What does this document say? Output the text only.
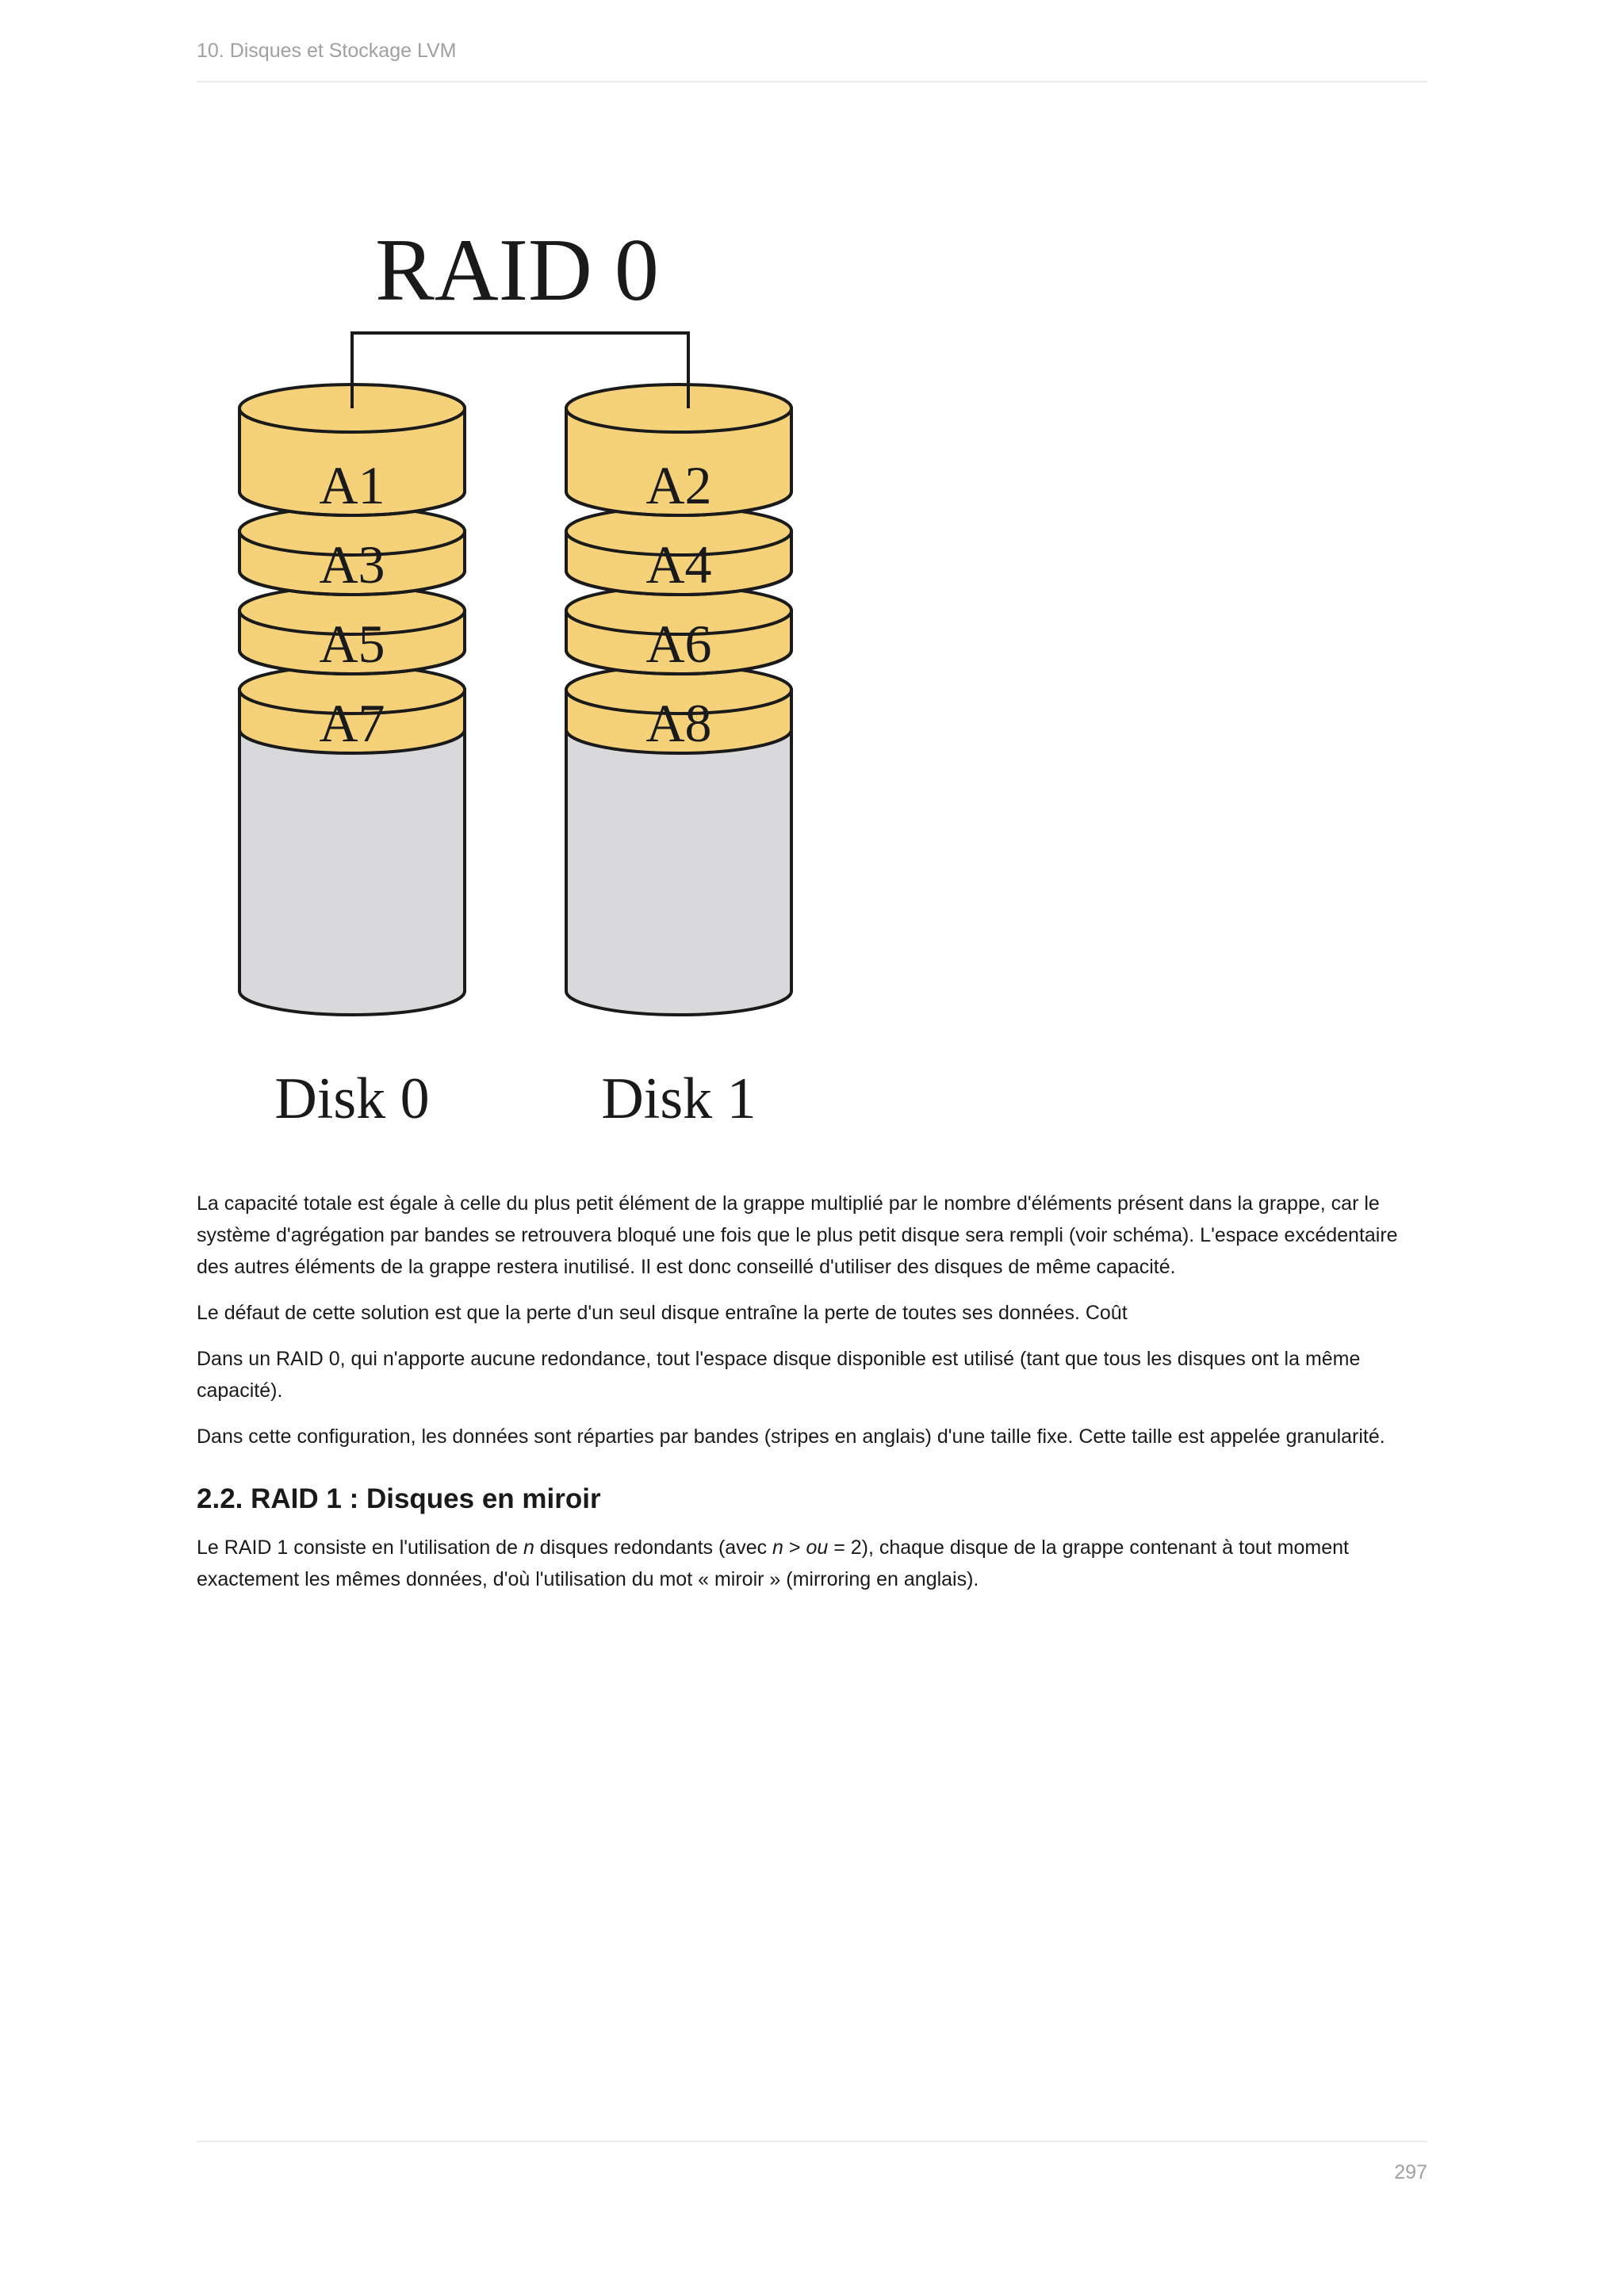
10. Disques et Stockage LVM
RAID 0
A1
A3
A5
A7
Disk 0
A2
A4
A6
A8
Disk 1

La capacité totale est égale à celle du plus petit élément de la grappe multiplié par le nombre d'éléments présent dans la grappe, car le système d'agrégation par bandes se retrouvera bloqué une fois que le plus petit disque sera rempli (voir schéma). L'espace excédentaire des autres éléments de la grappe restera inutilisé. Il est donc conseillé d'utiliser des disques de même capacité.

Le défaut de cette solution est que la perte d'un seul disque entraîne la perte de toutes ses données. Coût

Dans un RAID 0, qui n'apporte aucune redondance, tout l'espace disque disponible est utilisé (tant que tous les disques ont la même capacité).

Dans cette configuration, les données sont réparties par bandes (stripes en anglais) d'une taille fixe. Cette taille est appelée granularité.

2.2. RAID 1 : Disques en miroir

Le RAID 1 consiste en l'utilisation de n disques redondants (avec n > ou = 2), chaque disque de la grappe contenant à tout moment exactement les mêmes données, d'où l'utilisation du mot « miroir » (mirroring en anglais).

297
